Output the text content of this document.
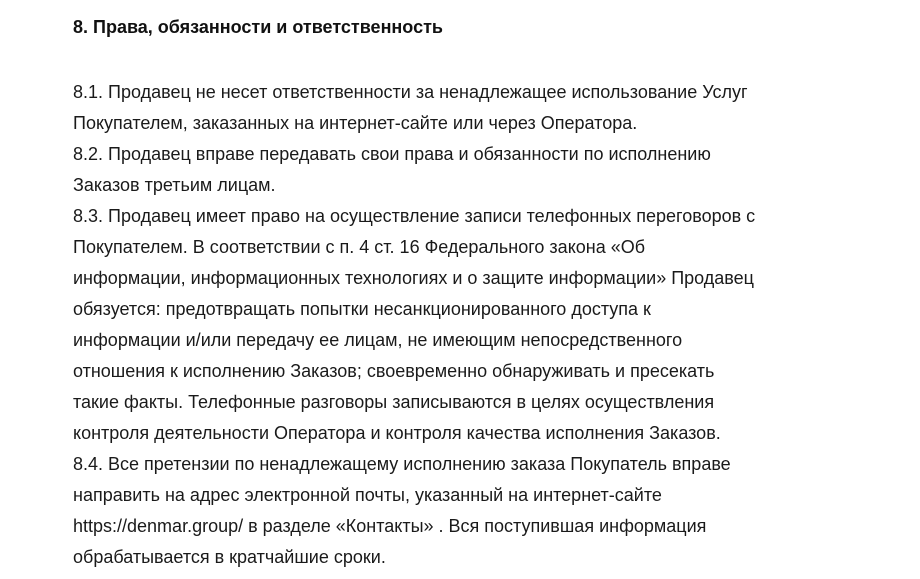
8. Права, обязанности и ответственность

8.1. Продавец не несет ответственности за ненадлежащее использование Услуг
Покупателем, заказанных на интернет-сайте или через Оператора.

8.2. Продавец вправе передавать свои права и обязанности по исполнению
Заказов третьим лицам.

8.3. Продавец имеет право на осуществление записи телефонных переговоров с
Покупателем. В соответствии с п. 4 ст. 16 Федерального закона «Об
информации, информационных технологиях и о защите информации» Продавец
обязуется: предотвращать попытки несанкционированного доступа к
информации и/или передачу ее лицам, не имеющим непосредственного
отношения к исполнению Заказов; своевременно обнаруживать и пресекать
такие факты. Телефонные разговоры записываются в целях осуществления
контроля деятельности Оператора и контроля качества исполнения Заказов.

8.4. Все претензии по ненадлежащему исполнению заказа Покупатель вправе
направить на адрес электронной почты, указанный на интернет-сайте
https://denmar.group/ в разделе «Контакты» . Вся поступившая информация
обрабатывается в кратчайшие сроки.
